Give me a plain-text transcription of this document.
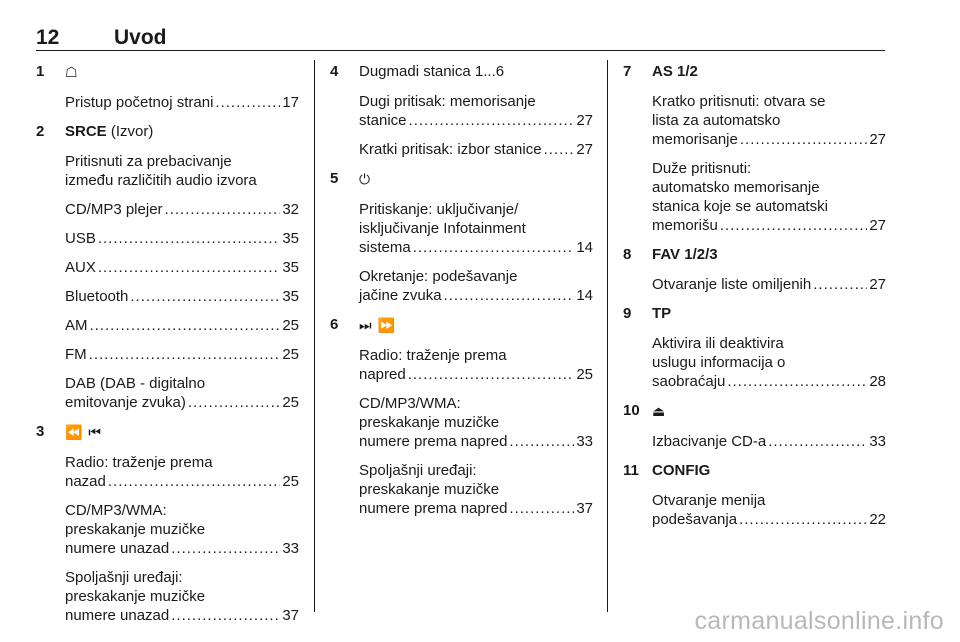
12	Uvod
1 ☖
Pristup početnoj strani .....	17
2 SRCE (Izvor)
Pritisnuti za prebacivanje
između različitih audio izvora
CD/MP3 plejer .....	32
USB .....	35
AUX .....	35
Bluetooth .....	35
AM .....	25
FM .....	25
DAB (DAB - digitalno
emitovanje zvuka) .....	25
3 ⏪ ⏮
Radio: traženje prema
nazad .....	25
CD/MP3/WMA:
preskakanje muzičke
numere unazad .....	33
Spoljašnji uređaji:
preskakanje muzičke
numere unazad .....	37
4 Dugmadi stanica 1...6
Dugi pritisak: memorisanje
stanice .....	27
Kratki pritisak: izbor stanice ..... 27
5 ⏻
Pritiskanje: uključivanje/
isključivanje Infotainment
sistema .....	14
Okretanje: podešavanje
jačine zvuka .....	14
6 ⏭ ⏩
Radio: traženje prema
napred .....	25
CD/MP3/WMA:
preskakanje muzičke
numere prema napred .....	33
Spoljašnji uređaji:
preskakanje muzičke
numere prema napred .....	37
7 AS 1/2
Kratko pritisnuti: otvara se
lista za automatsko
memorisanje .....	27
Duže pritisnuti:
automatsko memorisanje
stanica koje se automatski
memorišu .....	27
8 FAV 1/2/3
Otvaranje liste omiljenih .....	27
9 TP
Aktivira ili deaktivira
uslugu informacija o
saobraćaju .....	28
10 ⏏
Izbacivanje CD-a .....	33
11 CONFIG
Otvaranje menija
podešavanja .....	22
carmanualsonline.info
